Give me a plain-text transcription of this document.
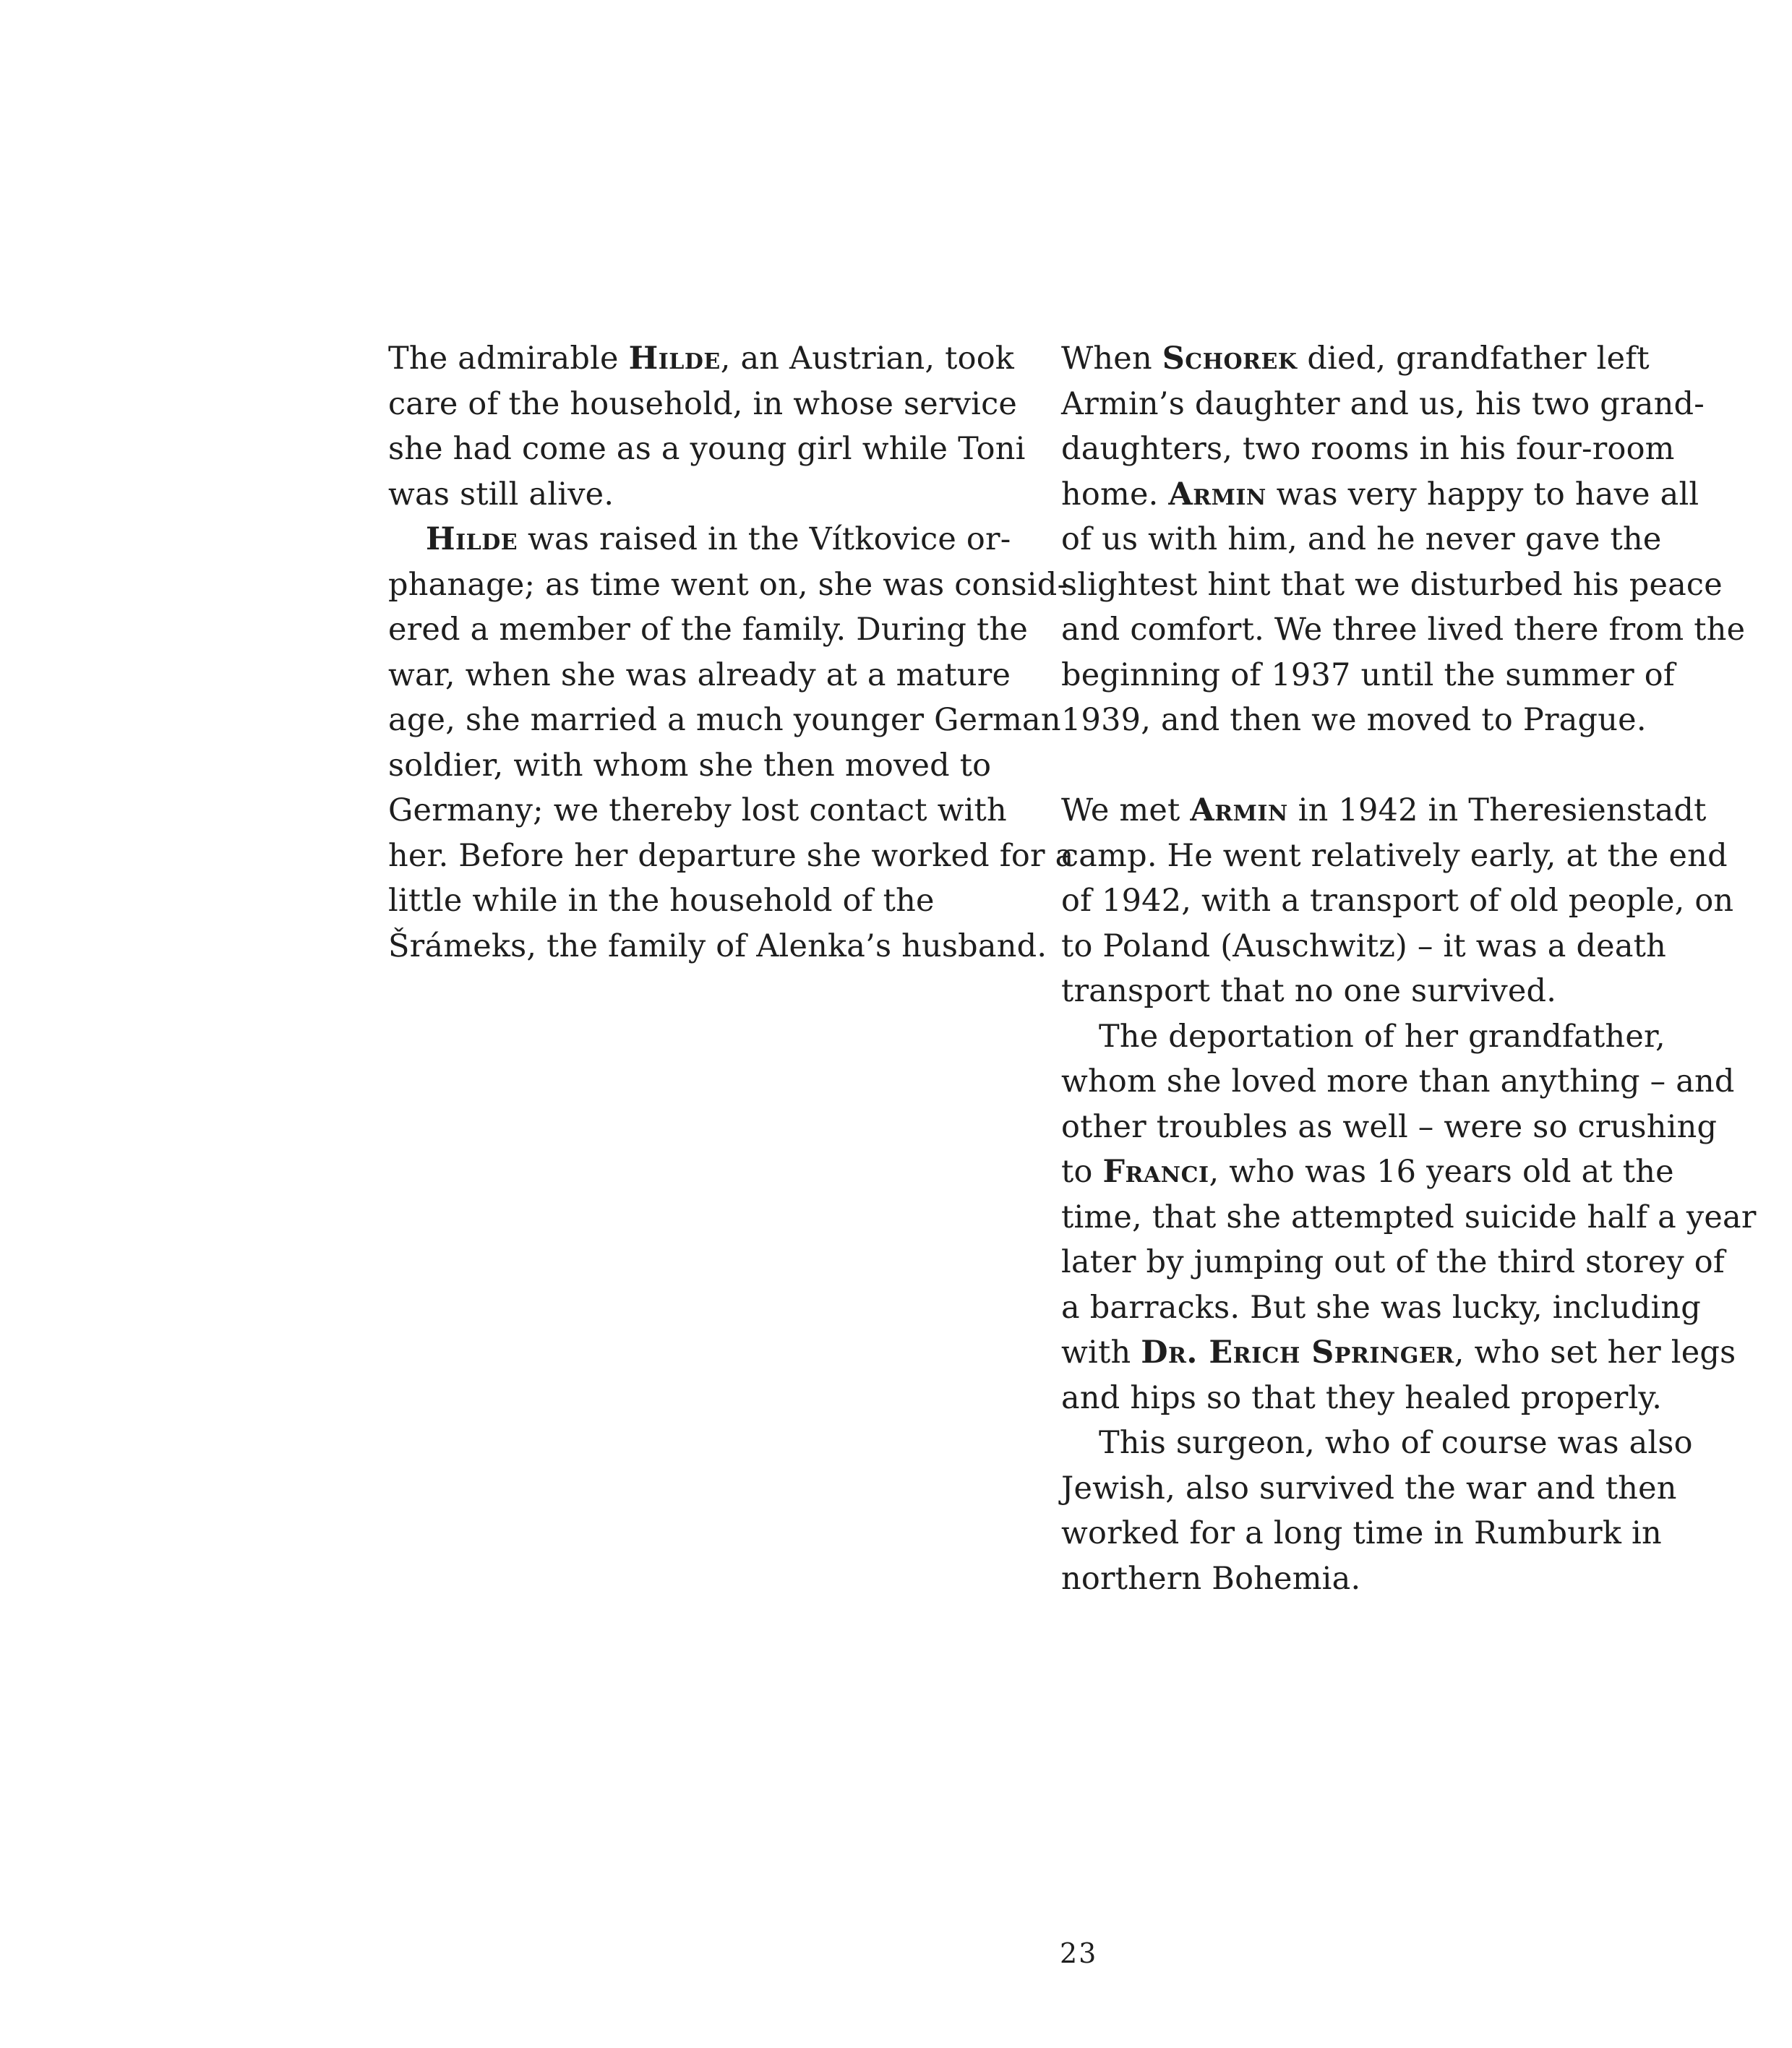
The admirable Hilde, an Austrian, took
care of the household, in whose service
she had come as a young girl while Toni
was still alive.
Hilde was raised in the Vítkovice or-
phanage; as time went on, she was consid-
ered a member of the family. During the
war, when she was already at a mature
age, she married a much younger German
soldier, with whom she then moved to
Germany; we thereby lost contact with
her. Before her departure she worked for a
little while in the household of the
Šrámeks, the family of Alenka’s husband.
When Schorek died, grandfather left
Armin’s daughter and us, his two grand-
daughters, two rooms in his four-room
home. Armin was very happy to have all
of us with him, and he never gave the
slightest hint that we disturbed his peace
and comfort. We three lived there from the
beginning of 1937 until the summer of
1939, and then we moved to Prague.
We met Armin in 1942 in Theresienstadt
camp. He went relatively early, at the end
of 1942, with a transport of old people, on
to Poland (Auschwitz) – it was a death
transport that no one survived.
The deportation of her grandfather,
whom she loved more than anything – and
other troubles as well – were so crushing
to Franci, who was 16 years old at the
time, that she attempted suicide half a year
later by jumping out of the third storey of
a barracks. But she was lucky, including
with Dr. Erich Springer, who set her legs
and hips so that they healed properly.
This surgeon, who of course was also
Jewish, also survived the war and then
worked for a long time in Rumburk in
northern Bohemia.
23
